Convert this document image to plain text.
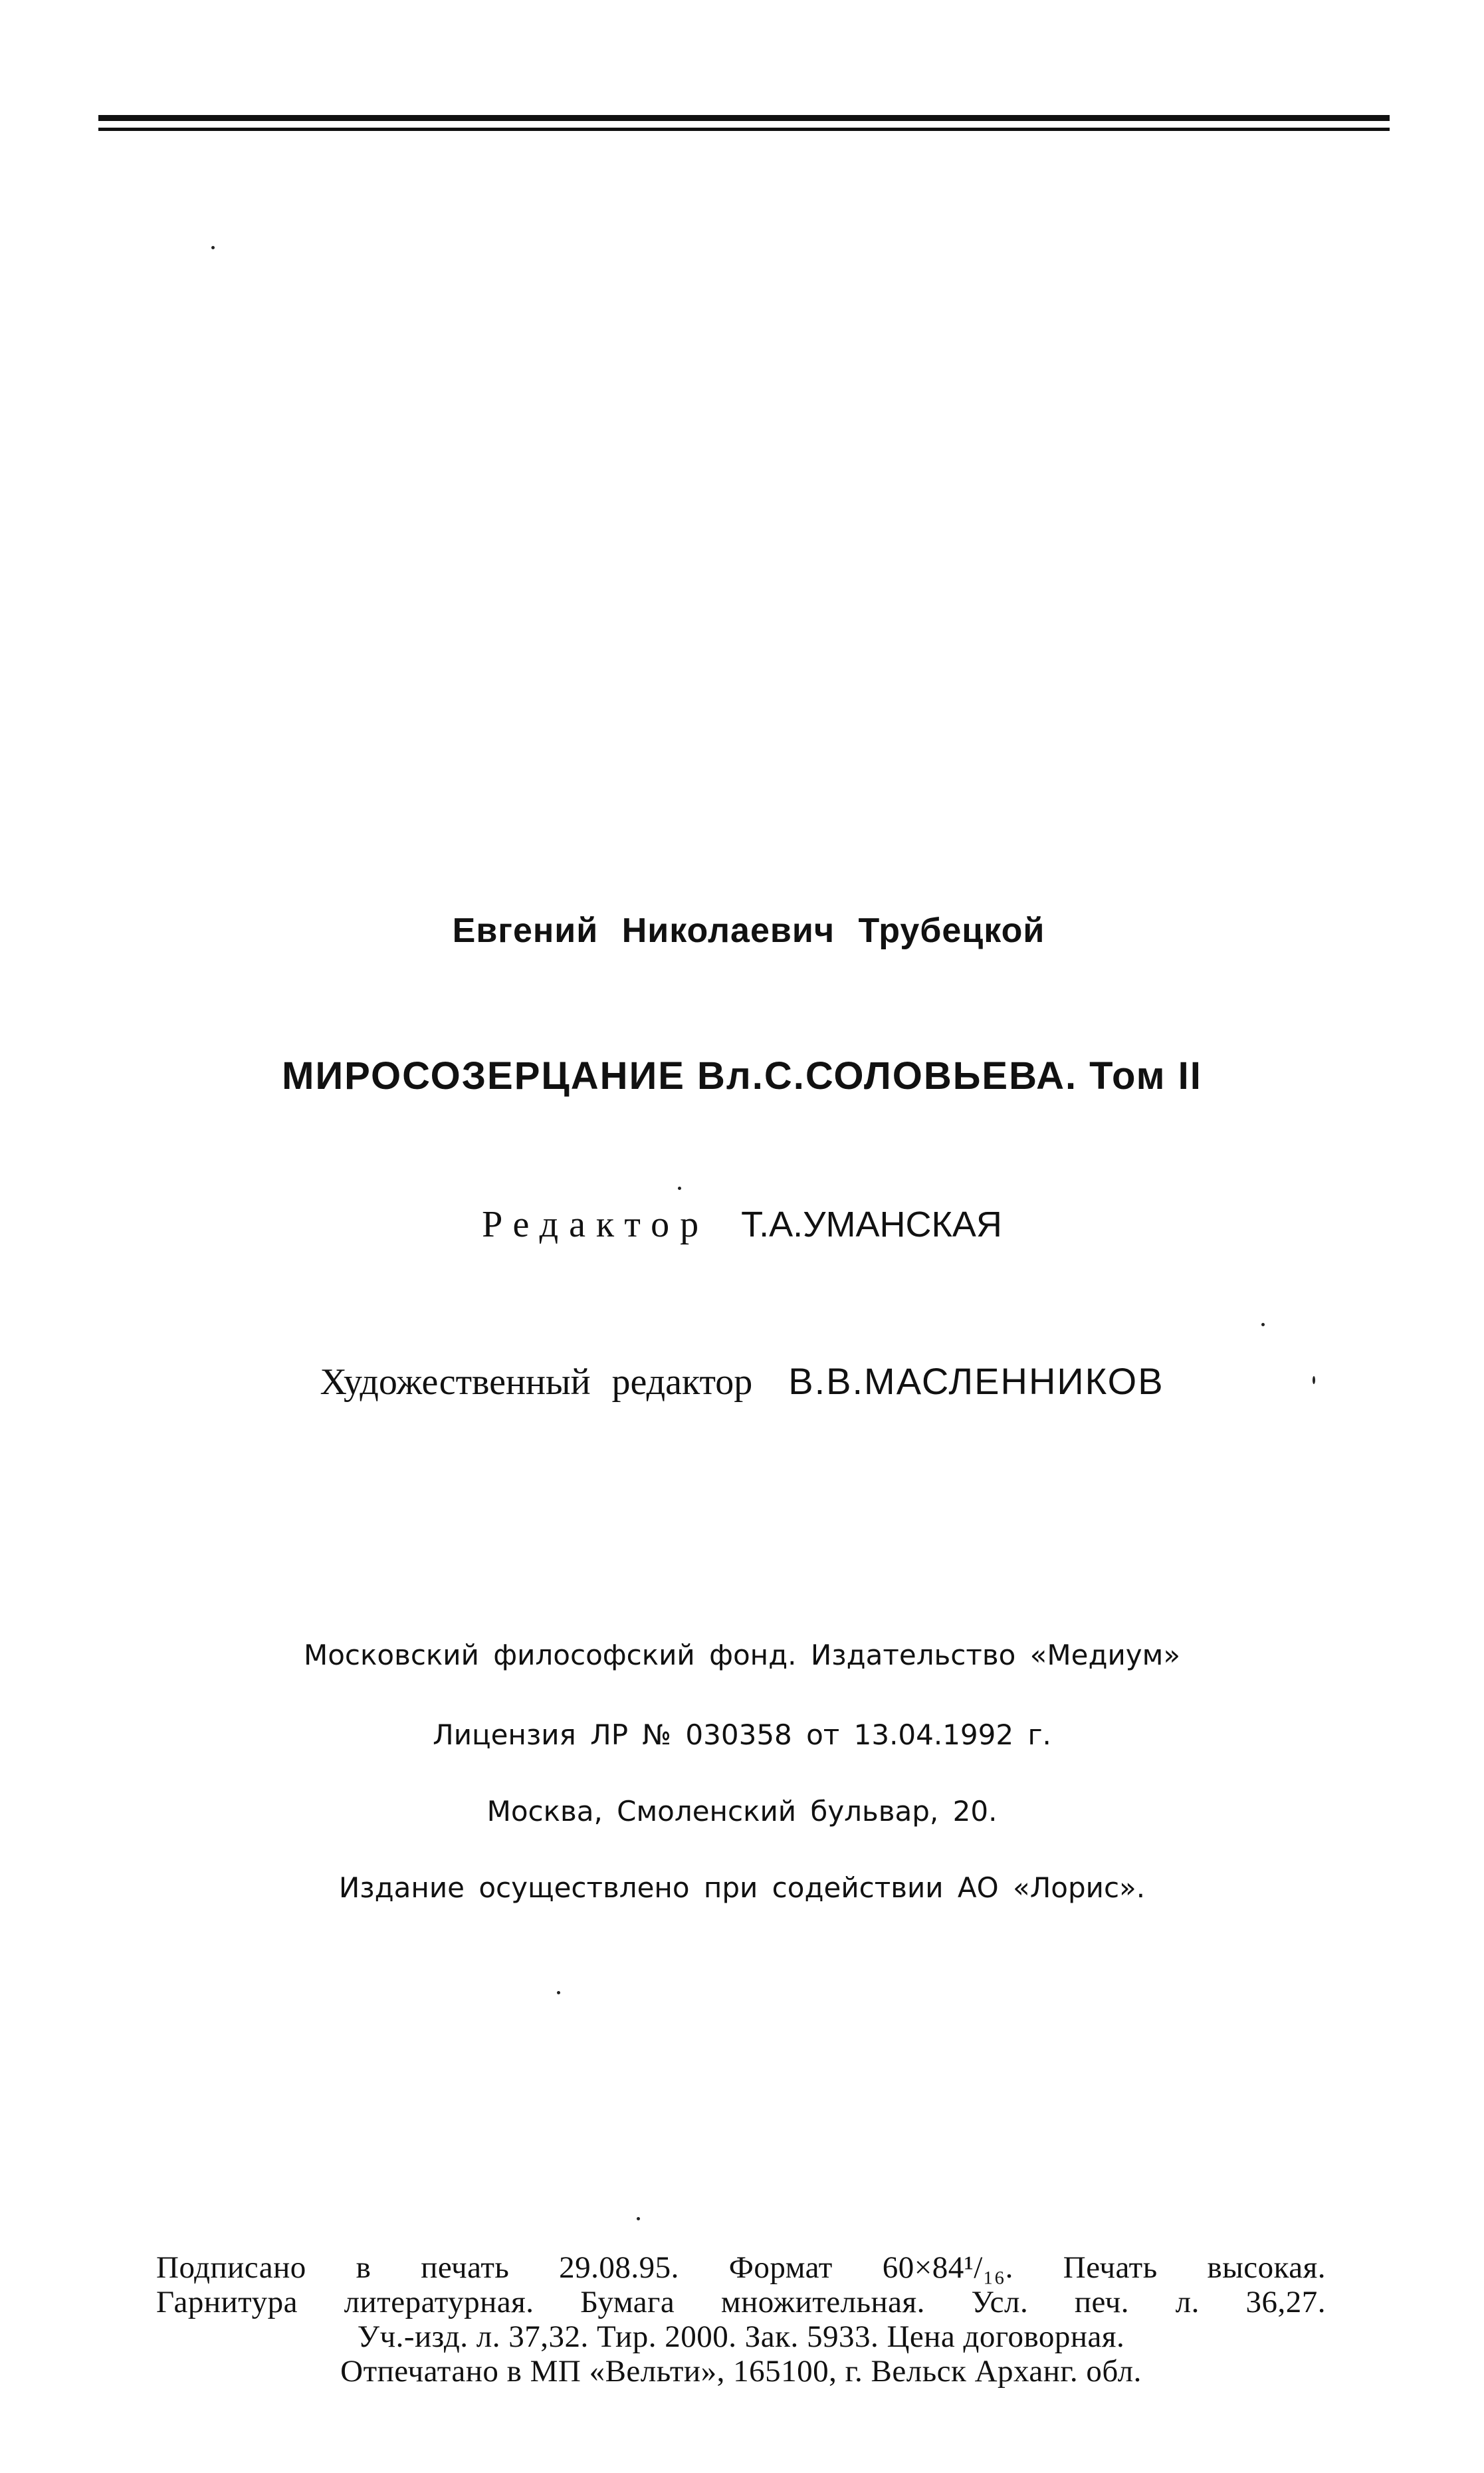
Евгений Николаевич Трубецкой
МИРОСОЗЕРЦАНИЕ Вл.С.СОЛОВЬЕВА. Том II
Редактор Т.А.УМАНСКАЯ
Художественный редактор В.В.МАСЛЕННИКОВ
Московский философский фонд. Издательство «Медиум»
Лицензия ЛР № 030358 от 13.04.1992 г.
Москва, Смоленский бульвар, 20.
Издание осуществлено при содействии АО «Лорис».
Подписано в печать 29.08.95. Формат 60×84¹/₁₆. Печать высокая.
Гарнитура литературная. Бумага множительная. Усл. печ. л. 36,27.
Уч.-изд. л. 37,32. Тир. 2000. Зак. 5933. Цена договорная.
Отпечатано в МП «Вельти», 165100, г. Вельск Арханг. обл.
